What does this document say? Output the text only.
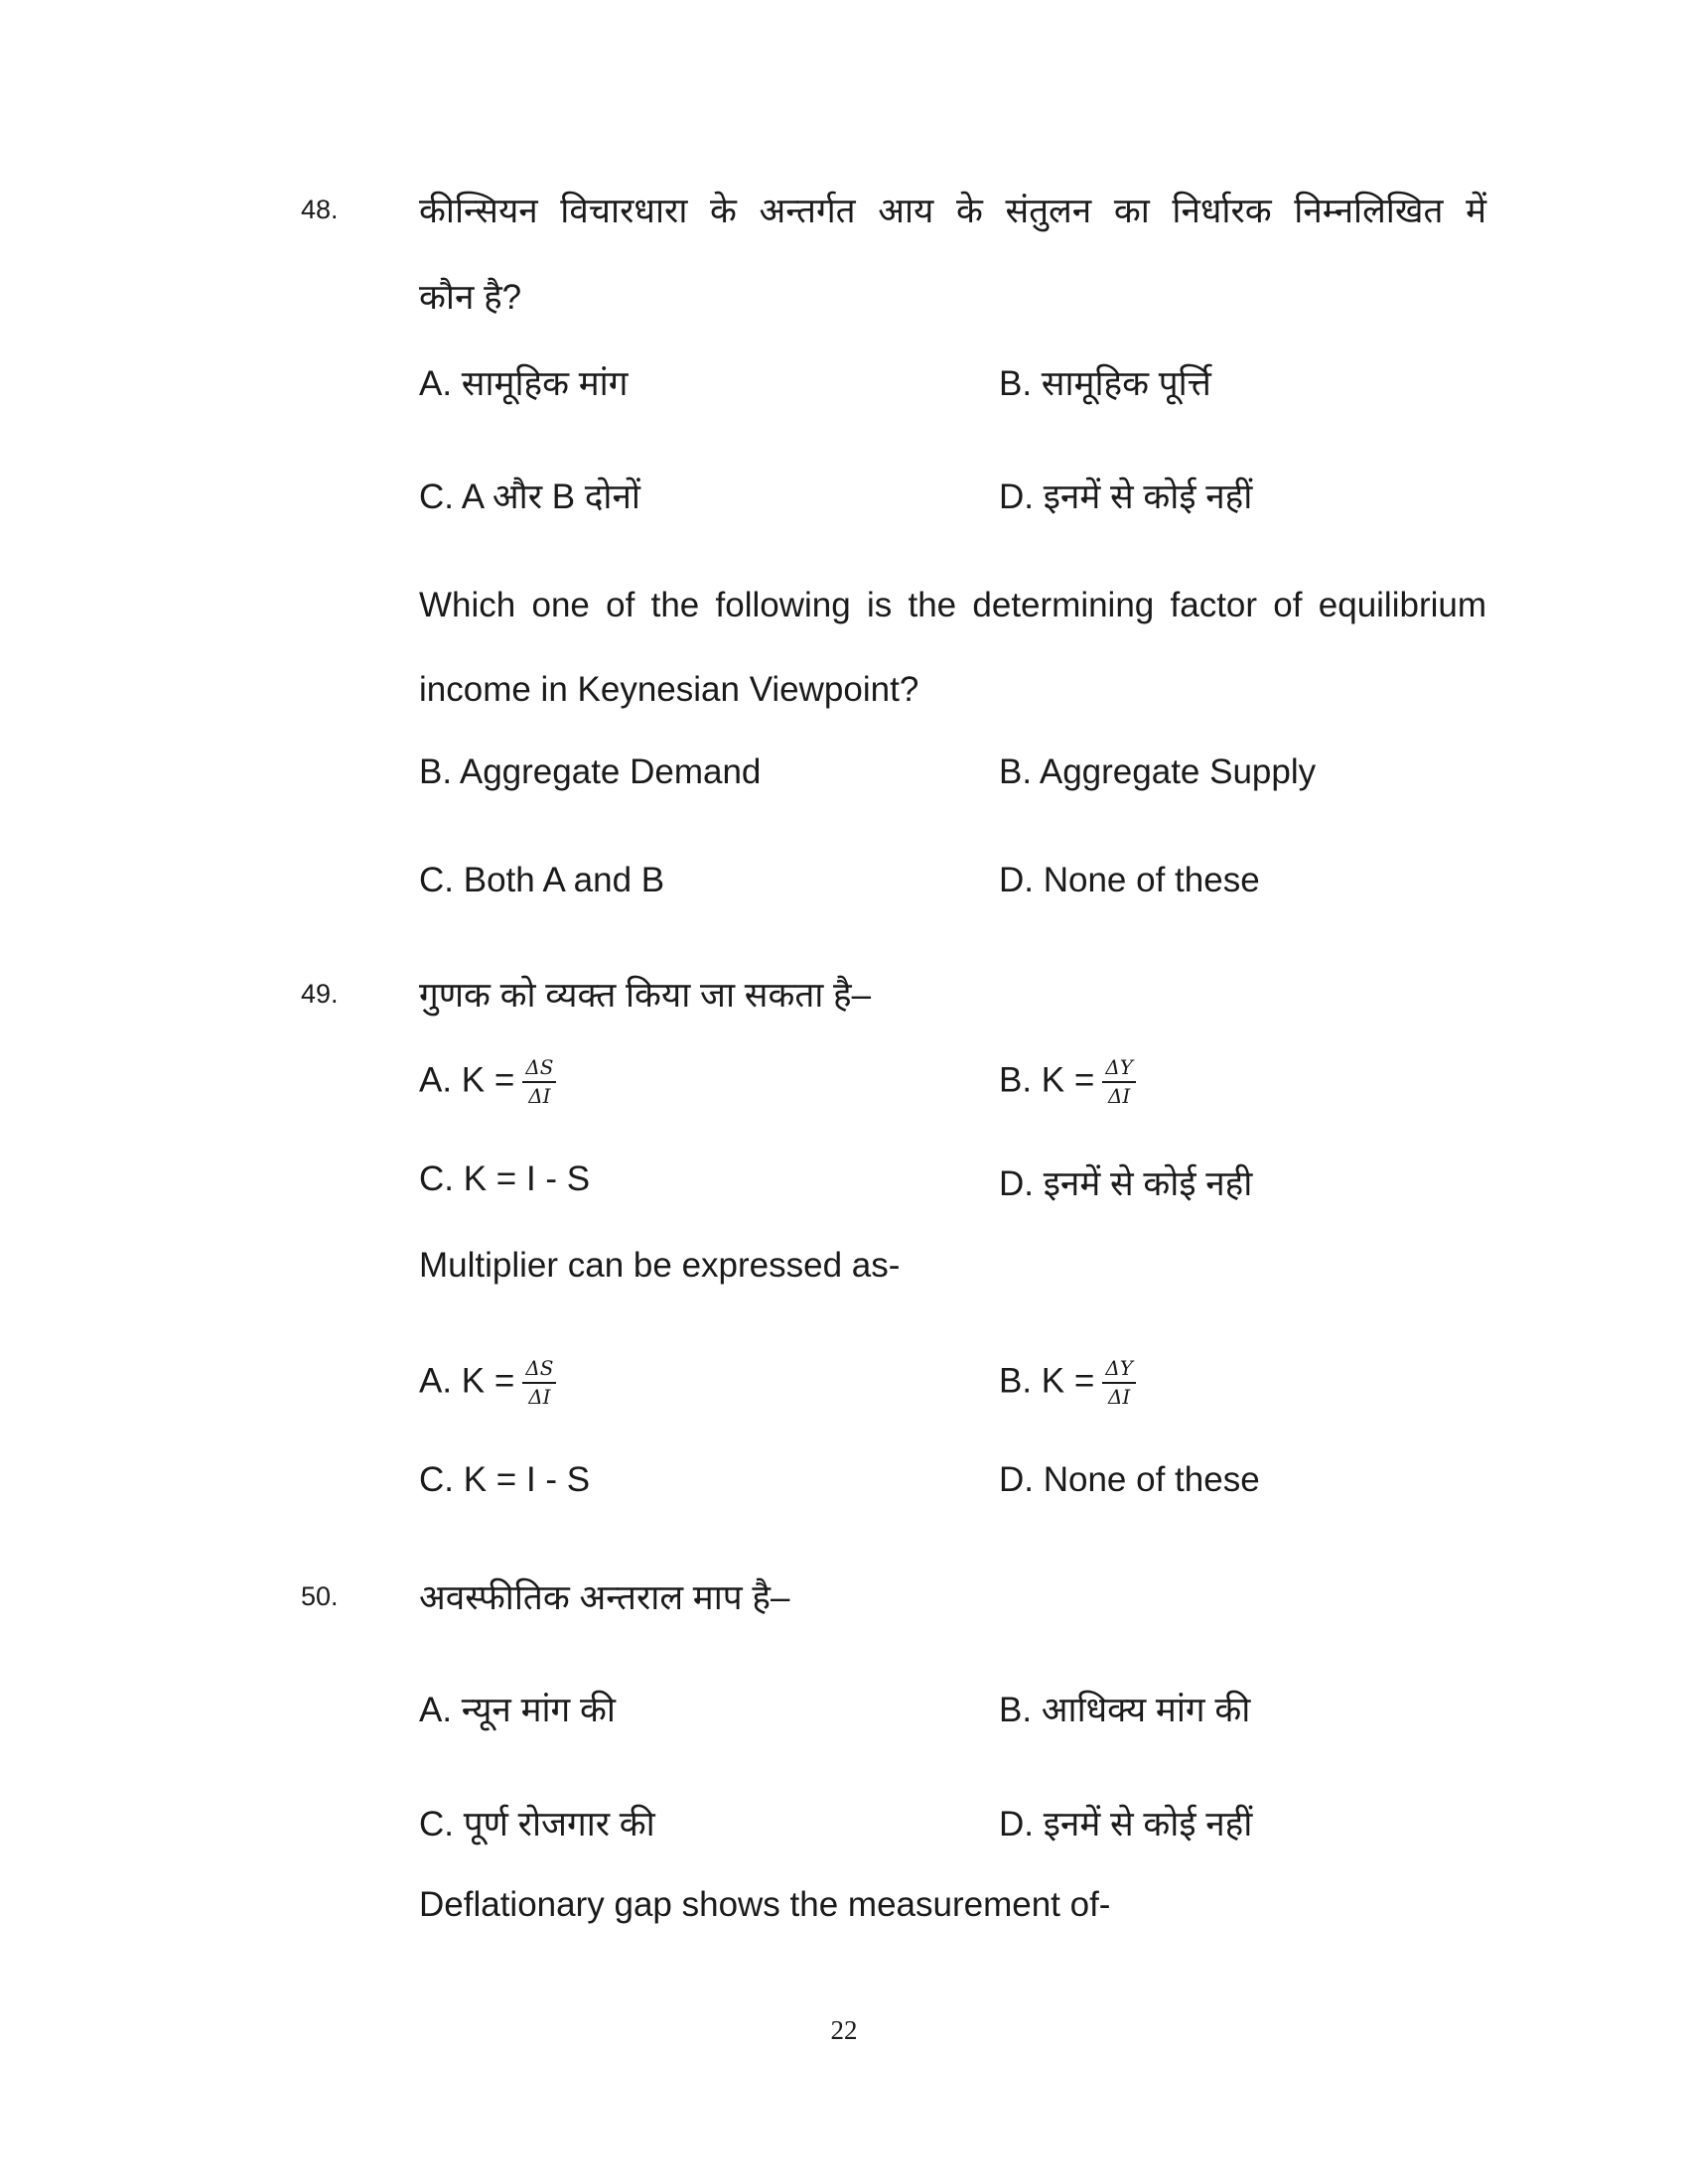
48. कीन्सियन विचारधारा के अन्तर्गत आय के संतुलन का निर्धारक निम्नलिखित में
कौन है?
A. सामूहिक मांग	B. सामूहिक पूर्त्ति
C. A और B दोनों	D. इनमें से कोई नहीं
Which one of the following is the determining factor of equilibrium
income in Keynesian Viewpoint?
B. Aggregate Demand	B. Aggregate Supply
C. Both A and B	D. None of these
49. गुणक को व्यक्त किया जा सकता है–
A. $K = \frac{\Delta S}{\Delta I}$	B. $K = \frac{\Delta Y}{\Delta I}$
C. K = I - S	D. इनमें से कोई नही
Multiplier can be expressed as-
A. $K = \frac{\Delta S}{\Delta I}$	B. $K = \frac{\Delta Y}{\Delta I}$
C. K = I - S	D. None of these
50. अवस्फीतिक अन्तराल माप है–
A. न्यून मांग की	B. आधिक्य मांग की
C. पूर्ण रोजगार की	D. इनमें से कोई नहीं
Deflationary gap shows the measurement of-
22
